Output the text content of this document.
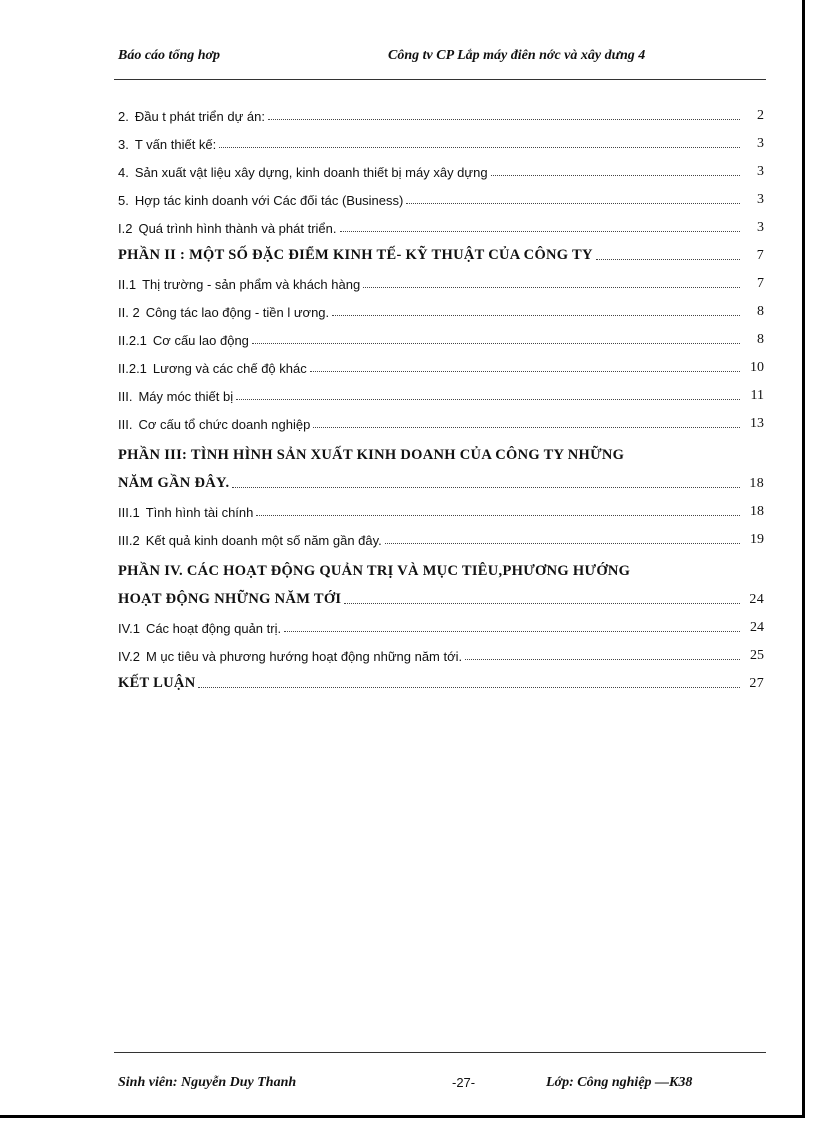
Báo cáo tổng hơp	Công tv CP Lắp máy điên nớc và xây dưng 4
2. Đầu t phát triển dự án:	2
3. T vấn thiết kế:	3
4. Sản xuất vật liệu xây dựng, kinh doanh thiết bị máy xây dựng	3
5. Hợp tác kinh doanh với Các đối tác (Business)	3
I.2 Quá trình hình thành và phát triển.	3
PHẦN II : MỘT SỐ ĐẶC ĐIỂM KINH TẾ- KỸ THUẬT CỦA CÔNG TY	7
II.1 Thị trường - sản phẩm và khách hàng	7
II. 2 Công tác lao động - tiền l ương.	8
II.2.1 Cơ cấu lao động	8
II.2.1 Lương và các chế độ khác	10
III. Máy móc thiết bị	11
III. Cơ cấu tổ chức doanh nghiệp	13
PHẦN III: TÌNH HÌNH SẢN XUẤT KINH DOANH CỦA CÔNG TY NHỮNG
NĂM GẦN ĐÂY.	18
III.1 Tình hình tài chính	18
III.2 Kết quả kinh doanh một số năm gần đây.	19
PHẦN IV. CÁC HOẠT ĐỘNG QUẢN TRỊ VÀ MỤC TIÊU,PHƯƠNG HƯỚNG
HOẠT ĐỘNG NHỮNG NĂM TỚI	24
IV.1 Các hoạt động quản trị.	24
IV.2 M ục tiêu và phương hướng hoạt động những năm tới.	25
KẾT LUẬN	27
Sinh viên: Nguyễn Duy Thanh	-27-	Lớp: Công nghiệp —K38
